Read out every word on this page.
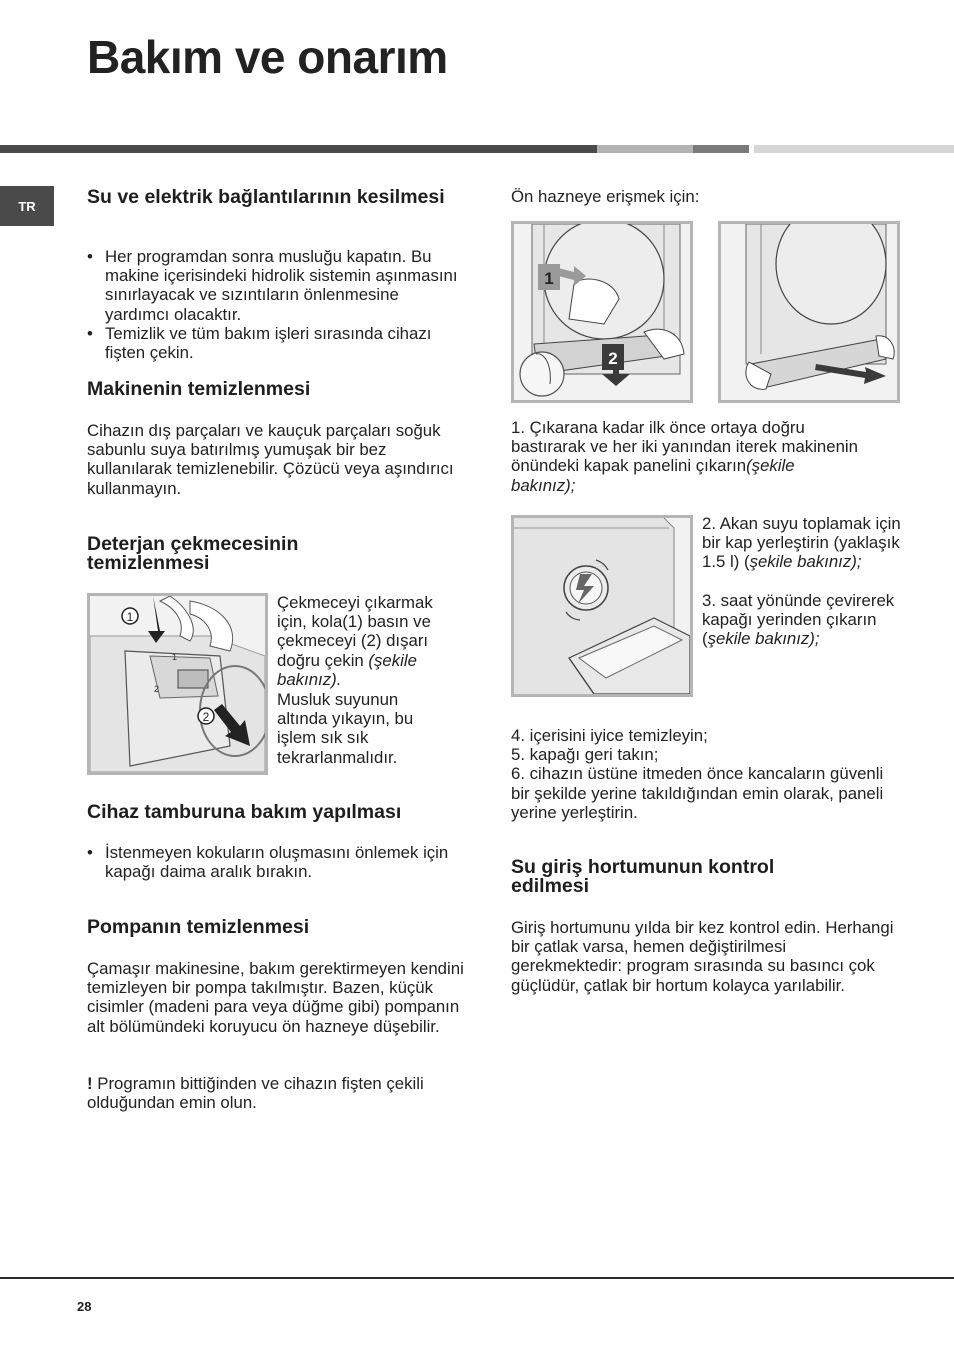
Bakım ve onarım
TR	Su ve elektrik bağlantılarının kesilmesi
• Her programdan sonra musluğu kapatın. Bu makine içerisindeki hidrolik sistemin aşınmasını sınırlayacak ve sızıntıların önlenmesine yardımcı olacaktır.
• Temizlik ve tüm bakım işleri sırasında cihazı fişten çekin.
Makinenin temizlenmesi

Cihazın dış parçaları ve kauçuk parçaları soğuk sabunlu suya batırılmış yumuşak bir bez kullanılarak temizlenebilir. Çözücü veya aşındırıcı kullanmayın.

Deterjan çekmecesinin temizlenmesi
1
2
1
2

Çekmeceyi çıkarmak için, kola(1) basın ve çekmeceyi (2) dışarı doğru çekin (şekile bakınız).

Musluk suyunun altında yıkayın, bu işlem sık sık tekrarlanmalıdır.

Cihaz tamburuna bakım yapılması
• İstenmeyen kokuların oluşmasını önlemek için kapağı daima aralık bırakın.
Pompanın temizlenmesi

Çamaşır makinesine, bakım gerektirmeyen kendini temizleyen bir pompa takılmıştır. Bazen, küçük cisimler (madeni para veya düğme gibi) pompanın alt bölümündeki koruyucu ön hazneye düşebilir.

! Programın bittiğinden ve cihazın fişten çekili olduğundan emin olun.

Ön hazneye erişmek için:

1
2

1. Çıkarana kadar ilk önce ortaya doğru bastırarak ve her iki yanından iterek makinenin önündeki kapak panelini çıkarın(şekile bakınız);

2. Akan suyu toplamak için bir kap yerleştirin (yaklaşık 1.5 l) (şekile bakınız);

3. saat yönünde çevirerek kapağı yerinden çıkarın (şekile bakınız);

4. içerisini iyice temizleyin;
5. kapağı geri takın;
6. cihazın üstüne itmeden önce kancaların güvenli bir şekilde yerine takıldığından emin olarak, paneli yerine yerleştirin.
Su giriş hortumunun kontrol edilmesi

Giriş hortumunu yılda bir kez kontrol edin. Herhangi bir çatlak varsa, hemen değiştirilmesi gerekmektedir: program sırasında su basıncı çok güçlüdür, çatlak bir hortum kolayca yarılabilir.

28
